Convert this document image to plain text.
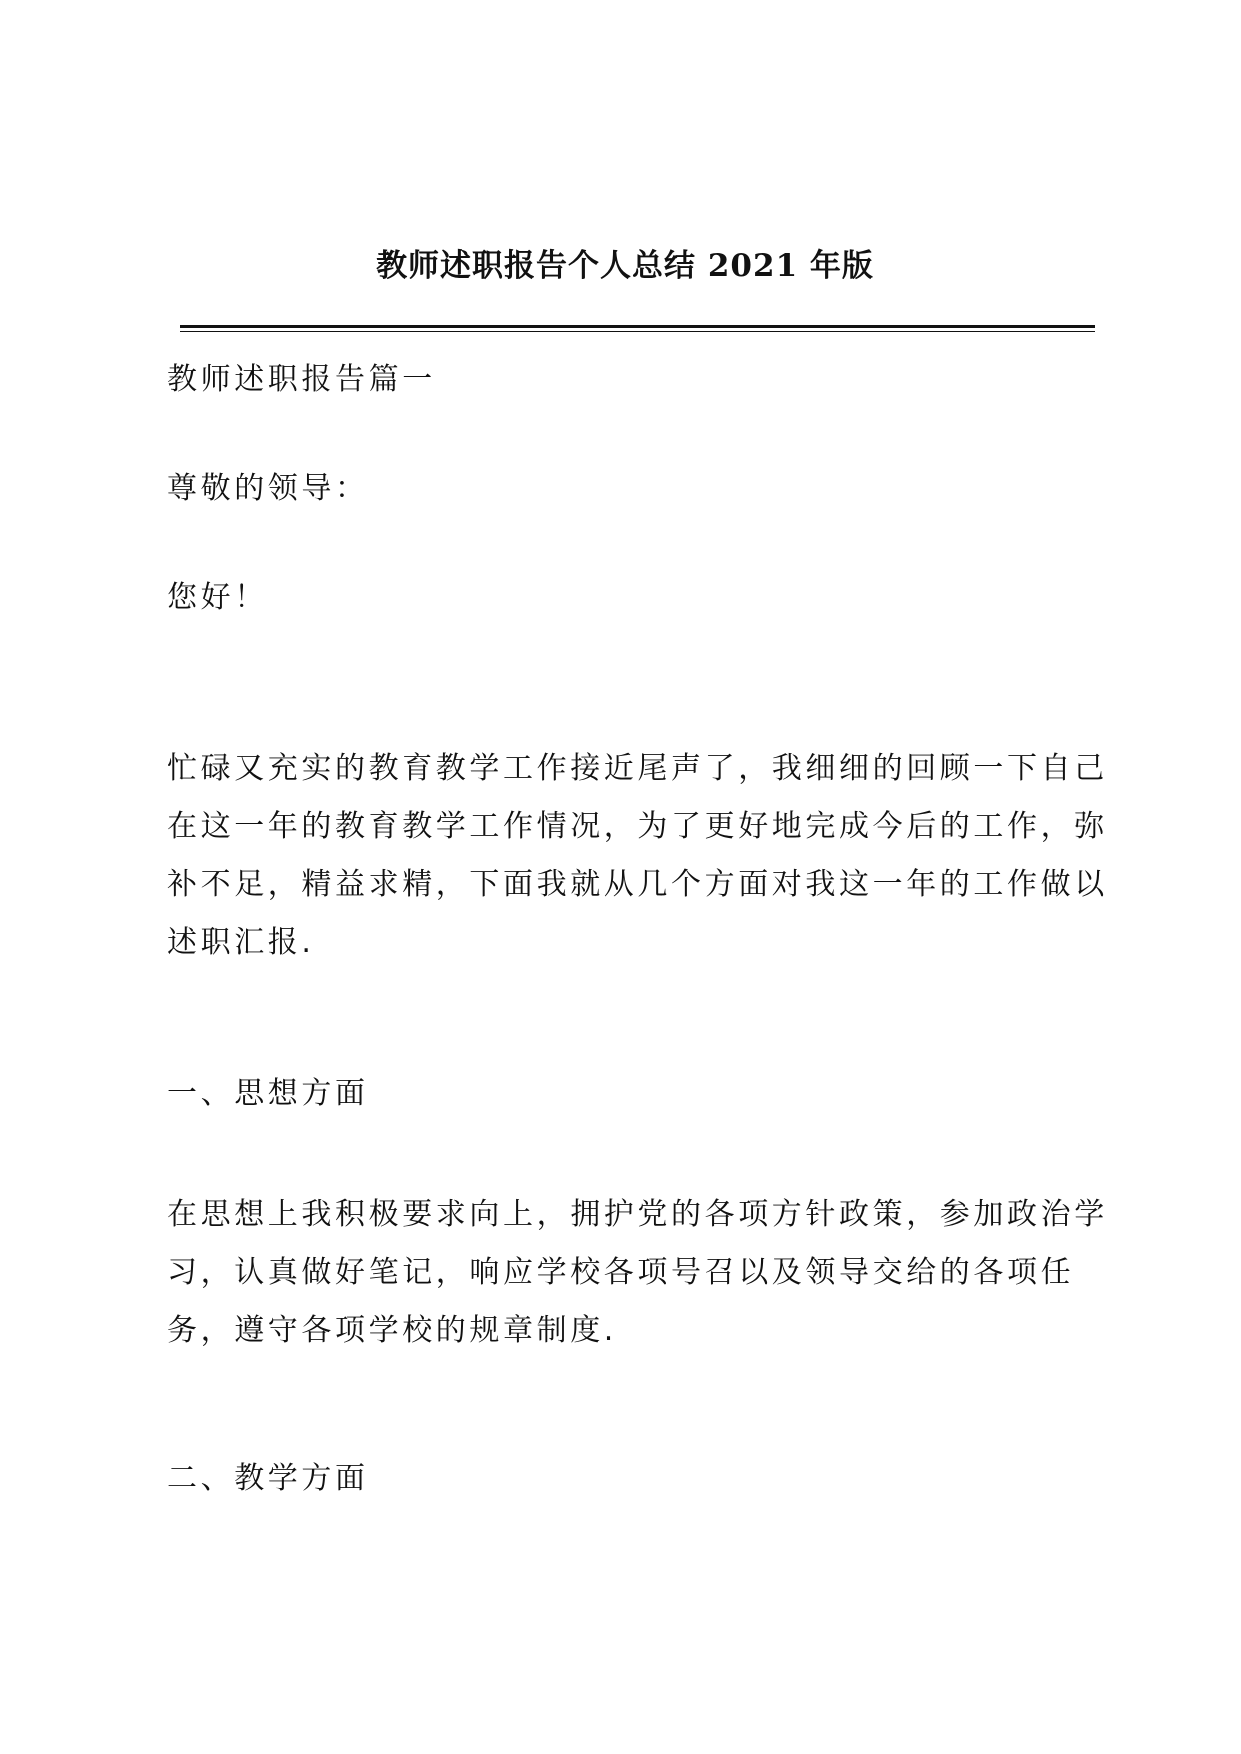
教师述职报告个人总结 2021 年版
教师述职报告篇一
尊敬的领导：
您好！
忙碌又充实的教育教学工作接近尾声了，我细细的回顾一下自己
在这一年的教育教学工作情况，为了更好地完成今后的工作，弥
补不足，精益求精，下面我就从几个方面对我这一年的工作做以
述职汇报.
一、思想方面
在思想上我积极要求向上，拥护党的各项方针政策，参加政治学
习，认真做好笔记，响应学校各项号召以及领导交给的各项任
务，遵守各项学校的规章制度.
二、教学方面
